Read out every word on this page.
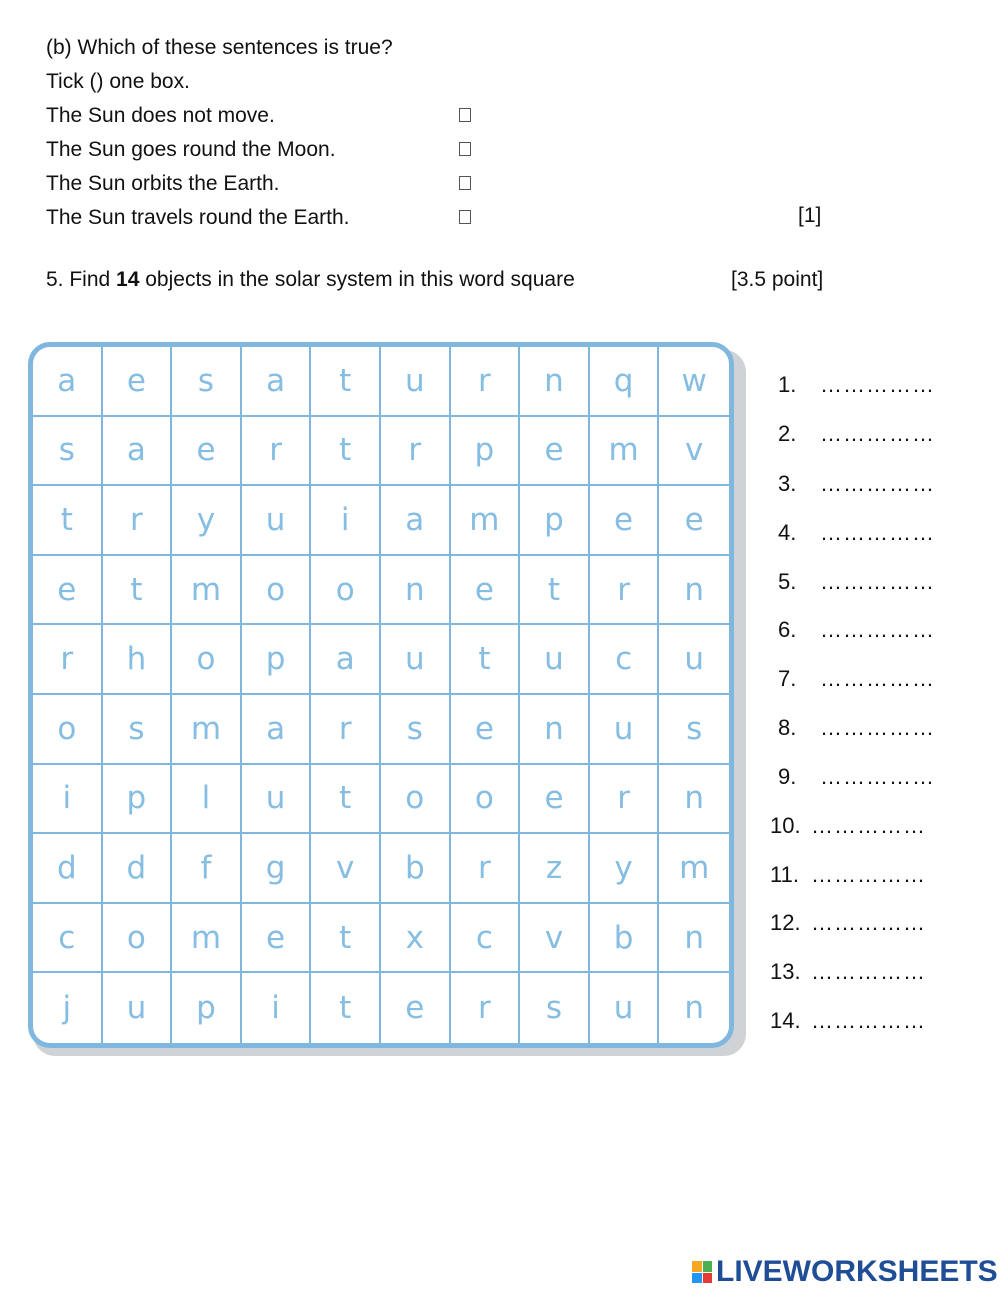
(b) Which of these sentences is true?
Tick () one box.
The Sun does not move.
The Sun goes round the Moon.
The Sun orbits the Earth.
The Sun travels round the Earth.	[1]
5. Find 14 objects in the solar system in this word square	[3.5 point]
a	e	s	a	t	u	r	n	q	w
s	a	e	r	t	r	p	e	m	v
t	r	y	u	i	a	m	p	e	e
e	t	m	o	o	n	e	t	r	n
r	h	o	p	a	u	t	u	c	u
o	s	m	a	r	s	e	n	u	s
i	p	l	u	t	o	o	e	r	n
d	d	f	g	v	b	r	z	y	m
c	o	m	e	t	x	c	v	b	n
j	u	p	i	t	e	r	s	u	n
1. ……………
2. ……………
3. ……………
4. ……………
5. ……………
6. ……………
7. ……………
8. ……………
9. ……………
10. ……………
11. ……………
12. ……………
13. ……………
14. ……………
LIVEWORKSHEETS
